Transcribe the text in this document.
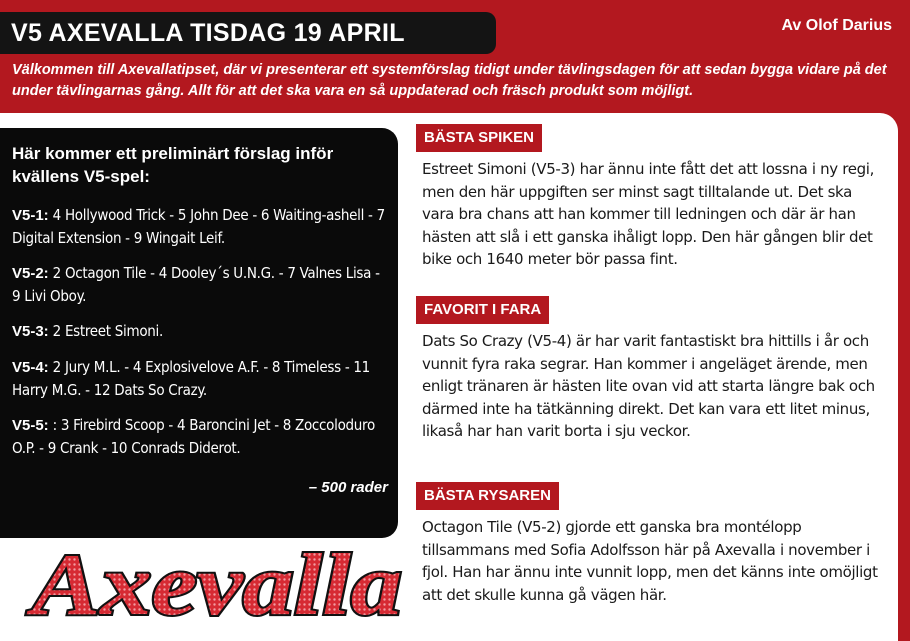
V5 AXEVALLA TISDAG 19 APRIL	Av Olof Darius

Välkommen till Axevallatipset, där vi presenterar ett systemförslag tidigt under tävlingsdagen för att sedan bygga vidare på det under tävlingarnas gång. Allt för att det ska vara en så uppdaterad och fräsch produkt som möjligt.

Här kommer ett preliminärt förslag inför kvällens V5-spel:

V5-1: 4 Hollywood Trick - 5 John Dee - 6 Waiting-ashell - 7 Digital Extension - 9 Wingait Leif.

V5-2: 2 Octagon Tile - 4 Dooley´s U.N.G. - 7 Valnes Lisa - 9 Livi Oboy.

V5-3: 2 Estreet Simoni.

V5-4: 2 Jury M.L. - 4 Explosivelove A.F. - 8 Timeless - 11 Harry M.G. - 12 Dats So Crazy.

V5-5: : 3 Firebird Scoop - 4 Baroncini Jet - 8 Zoccoloduro O.P. - 9 Crank - 10 Conrads Diderot.

– 500 rader
Axevalla
BÄSTA SPIKEN

Estreet Simoni (V5-3) har ännu inte fått det att lossna i ny regi, men den här uppgiften ser minst sagt tilltalande ut. Det ska vara bra chans att han kommer till ledningen och där är han hästen att slå i ett ganska ihåligt lopp. Den här gången blir det bike och 1640 meter bör passa fint.

FAVORIT I FARA

Dats So Crazy (V5-4) är har varit fantastiskt bra hittills i år och vunnit fyra raka segrar. Han kommer i angeläget ärende, men enligt tränaren är hästen lite ovan vid att starta längre bak och därmed inte ha tätkänning direkt. Det kan vara ett litet minus, likaså har han varit borta i sju veckor.

BÄSTA RYSAREN

Octagon Tile (V5-2) gjorde ett ganska bra montélopp tillsammans med Sofia Adolfsson här på Axevalla i november i fjol. Han har ännu inte vunnit lopp, men det känns inte omöjligt att det skulle kunna gå vägen här.
